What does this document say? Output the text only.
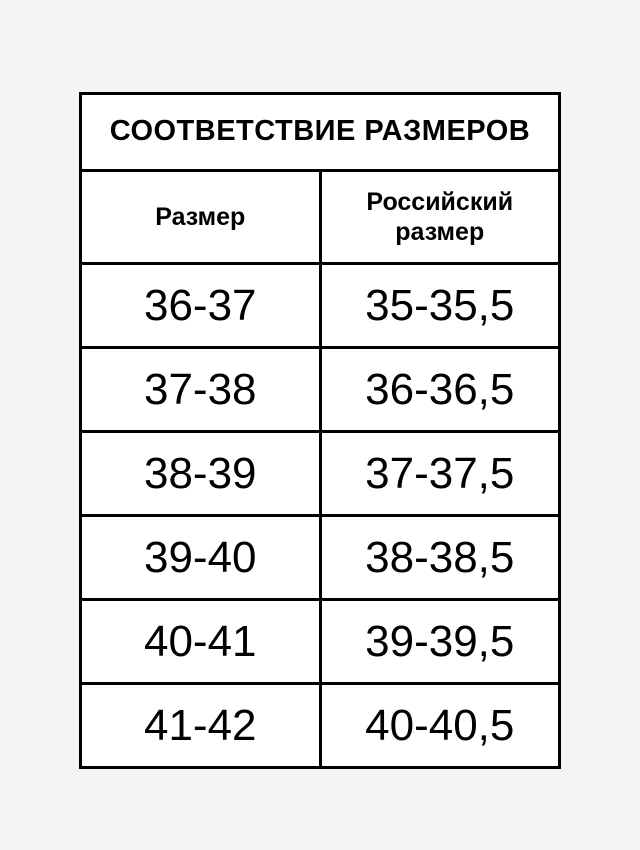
СООТВЕТСТВИЕ РАЗМЕРОВ	
Размер	Российский размер
36-37	35-35,5
37-38	36-36,5
38-39	37-37,5
39-40	38-38,5
40-41	39-39,5
41-42	40-40,5
